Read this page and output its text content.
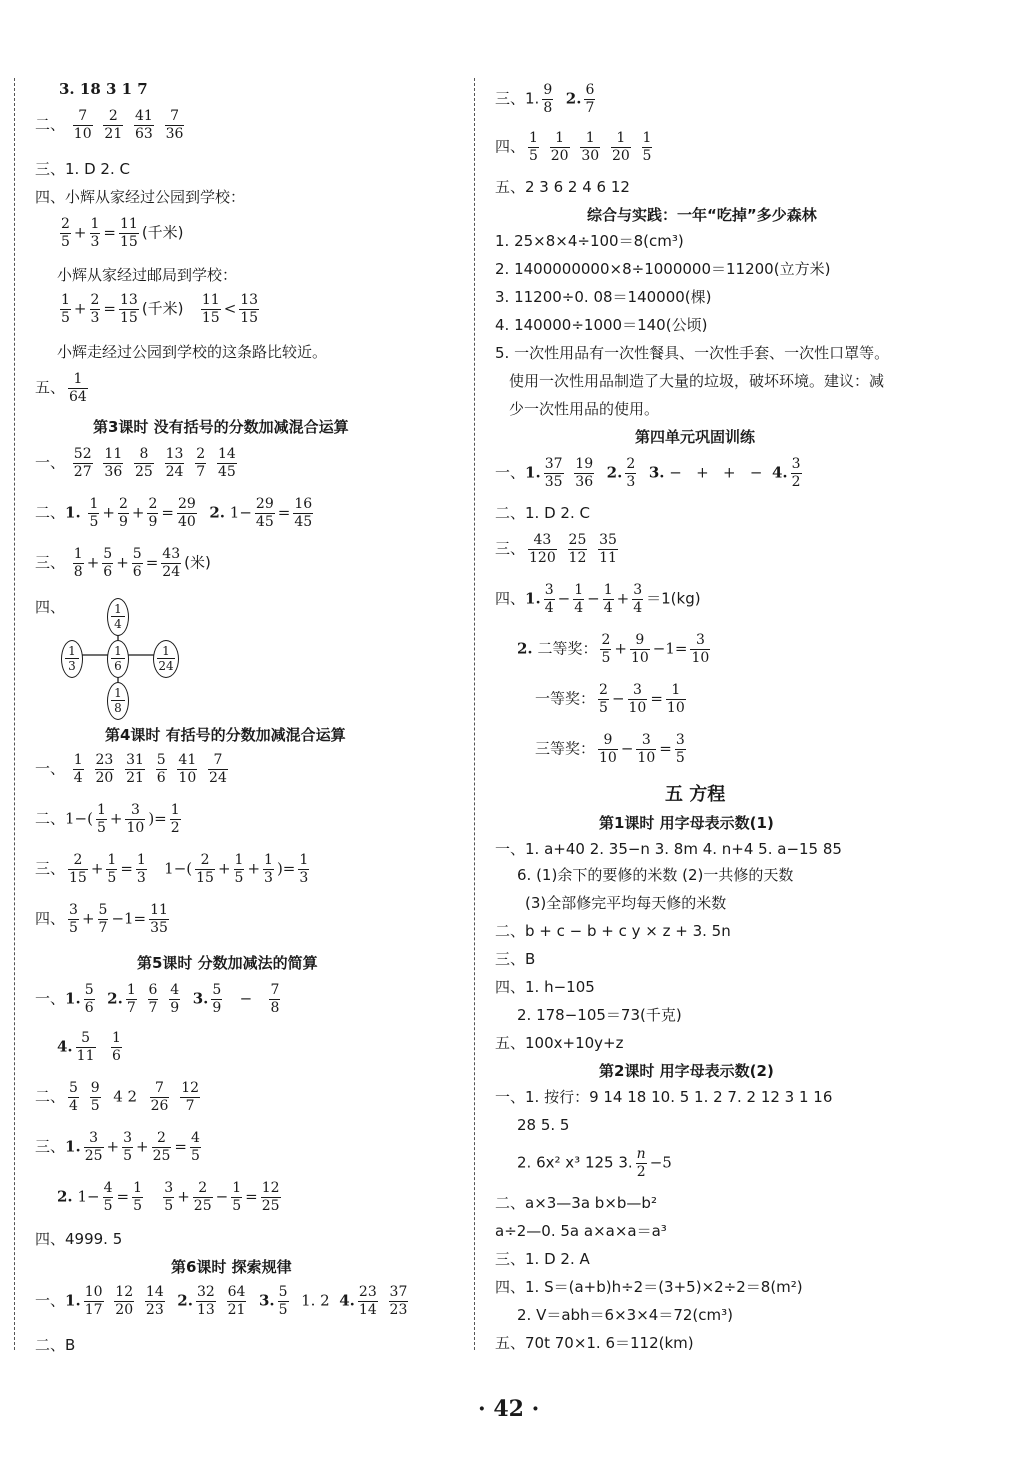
3. 18 3 1 7
二、 $\frac{7}{10}$
$\frac{2}{21}$
$\frac{41}{63}$
$\frac{7}{36}$
三、1. D 2. C
四、小辉从家经过公园到学校：
$\frac{2}{5} + \frac{1}{3} = \frac{11}{15}$ (千米)
小辉从家经过邮局到学校：
$\frac{1}{5} + \frac{2}{3} = \frac{13}{15}$ (千米) $\frac{11}{15} < \frac{13}{15}$
小辉走经过公园到学校的这条路比较近。
五、 $\frac{1}{64}$
第3课时 没有括号的分数加减混合运算
一、 $\frac{52}{27}$
$\frac{11}{36}$
$\frac{8}{25}$
$\frac{13}{24}$
$\frac{2}{7}$
$\frac{14}{45}$
二、1. $\frac{1}{5} + \frac{2}{9} + \frac{2}{9} = \frac{29}{40} 2$. $1- \frac{29}{45} = \frac{16}{45}$
三、 $\frac{1}{8} + \frac{5}{6} + \frac{5}{6} = \frac{43}{24}$ (米)
四、	$\frac{1}{4}$
$\frac{1}{3} \frac{1}{6} \frac{1}{24}$
$\frac{1}{8}$
第4课时 有括号的分数加减混合运算
一、 $\frac{1}{4}$
$\frac{23}{20}$
$\frac{31}{21}$
$\frac{5}{6}$
$\frac{41}{10}$
$\frac{7}{24}$
二、$1-( \frac{1}{5} + \frac{3}{10}$ )= $\frac{1}{2}$
三、 $\frac{2}{15} + \frac{1}{5} = \frac{1}{3} 1-( \frac{2}{15} + \frac{1}{5} + \frac{1}{3}$ )= $\frac{1}{3}$
四、 $\frac{3}{5} + \frac{5}{7} -1= \frac{11}{35}$
第5课时 分数加减法的简算
一、1. $\frac{5}{6} 2$. $\frac{1}{7}$
$\frac{6}{7}$
$\frac{4}{9} 3$. $\frac{5}{9} - \frac{7}{8}$
4. $\frac{5}{11}$
$\frac{1}{6}$
二、 $\frac{5}{4}$
$\frac{9}{5} 4$ $2 \frac{7}{26}$
$\frac{12}{7}$
三、1. $\frac{3}{25} + \frac{3}{5} + \frac{2}{25} = \frac{4}{5}$
2. $1- \frac{4}{5} = \frac{1}{5}$
$\frac{3}{5} + \frac{2}{25} - \frac{1}{5} = \frac{12}{25}$
四、4999. 5
第6课时 探索规律
一、1. $\frac{10}{17}$
$\frac{12}{20}$
$\frac{14}{23} 2$. $\frac{32}{13}$
$\frac{64}{21} 3$. $\frac{5}{5} 1$. 2 4. $\frac{23}{14}$
$\frac{37}{23}$
二、B
三、1. $\frac{9}{8} 2$. $\frac{6}{7}$
四、 $\frac{1}{5}$
$\frac{1}{20}$
$\frac{1}{30}$
$\frac{1}{20}$
$\frac{1}{5}$
五、2 3 6 2 4 6 12
综合与实践：一年“吃掉”多少森林
1. 25×8×4÷100＝8(cm³)
2. 1400000000×8÷1000000＝11200(立方米)
3. 11200÷0. 08＝140000(棵)
4. 140000÷1000＝140(公顷)
5. 一次性用品有一次性餐具、一次性手套、一次性口罩等。
使用一次性用品制造了大量的垃圾，破坏环境。建议：减
少一次性用品的使用。
第四单元巩固训练
一、1. $\frac{37}{35}$
$\frac{19}{36} 2$. $\frac{2}{3} 3$. −   +   +   −  4. $\frac{3}{2}$
二、1. D 2. C
三、 $\frac{43}{120}$
$\frac{25}{12}$
$\frac{35}{11}$
四、1. $\frac{3}{4} - \frac{1}{4} - \frac{1}{4} + \frac{3}{4} =1(kg)$
2. 二等奖： $\frac{2}{5} + \frac{9}{10} -1= \frac{3}{10}$
一等奖： $\frac{2}{5} - \frac{3}{10} = \frac{1}{10}$
三等奖： $\frac{9}{10} - \frac{3}{10} = \frac{3}{5}$
五 方程
第1课时 用字母表示数(1)
一、1. a+40 2. 35−n 3. 8m 4. n+4 5. a−15 85
6. (1)余下的要修的米数 (2)一共修的天数
(3)全部修完平均每天修的米数
二、b + c − b + c y × z + 3. 5n
三、B
四、1. h−105
2. 178−105＝73(千克)
五、100x+10y+z
第2课时 用字母表示数(2)
一、1. 按行：9 14 18 10. 5 1. 2 7. 2 12 3 1 16
28 5. 5
2. 6x² x³ 125 3. $\frac{n}{2} -5$
二、a×3—3a b×b—b²
a÷2—0. 5a a×a×a＝a³
三、1. D 2. A
四、1. S＝(a+b)h÷2＝(3+5)×2÷2＝8(m²)
2. V＝abh＝6×3×4＝72(cm³)
五、70t 70×1. 6＝112(km)
· 42 ·
